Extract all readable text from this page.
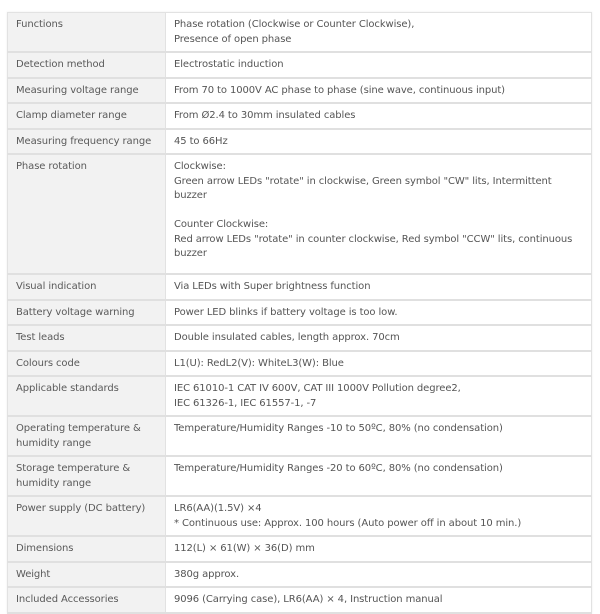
Functions	Phase rotation (Clockwise or Counter Clockwise),
Presence of open phase

Detection method	Electrostatic induction

Measuring voltage range	From 70 to 1000V AC phase to phase (sine wave, continuous input)

Clamp diameter range	From Ø2.4 to 30mm insulated cables

Measuring frequency range	45 to 66Hz

Phase rotation	Clockwise:
Green arrow LEDs "rotate" in clockwise, Green symbol "CW" lits, Intermittent
buzzer
Counter Clockwise:
Red arrow LEDs "rotate" in counter clockwise, Red symbol "CCW" lits, continuous
buzzer

Visual indication	Via LEDs with Super brightness function

Battery voltage warning	Power LED blinks if battery voltage is too low.

Test leads	Double insulated cables, length approx. 70cm

Colours code	L1(U): RedL2(V): WhiteL3(W): Blue

Applicable standards	IEC 61010-1 CAT IV 600V, CAT III 1000V Pollution degree2,
IEC 61326-1, IEC 61557-1, -7

Operating temperature & humidity range	Temperature/Humidity Ranges -10 to 50ºC, 80% (no condensation)

Storage temperature & humidity range	Temperature/Humidity Ranges -20 to 60ºC, 80% (no condensation)

Power supply (DC battery)	LR6(AA)(1.5V) ×4
* Continuous use: Approx. 100 hours (Auto power off in about 10 min.)

Dimensions	112(L) × 61(W) × 36(D) mm

Weight	380g approx.

Included Accessories	9096 (Carrying case), LR6(AA) × 4, Instruction manual
